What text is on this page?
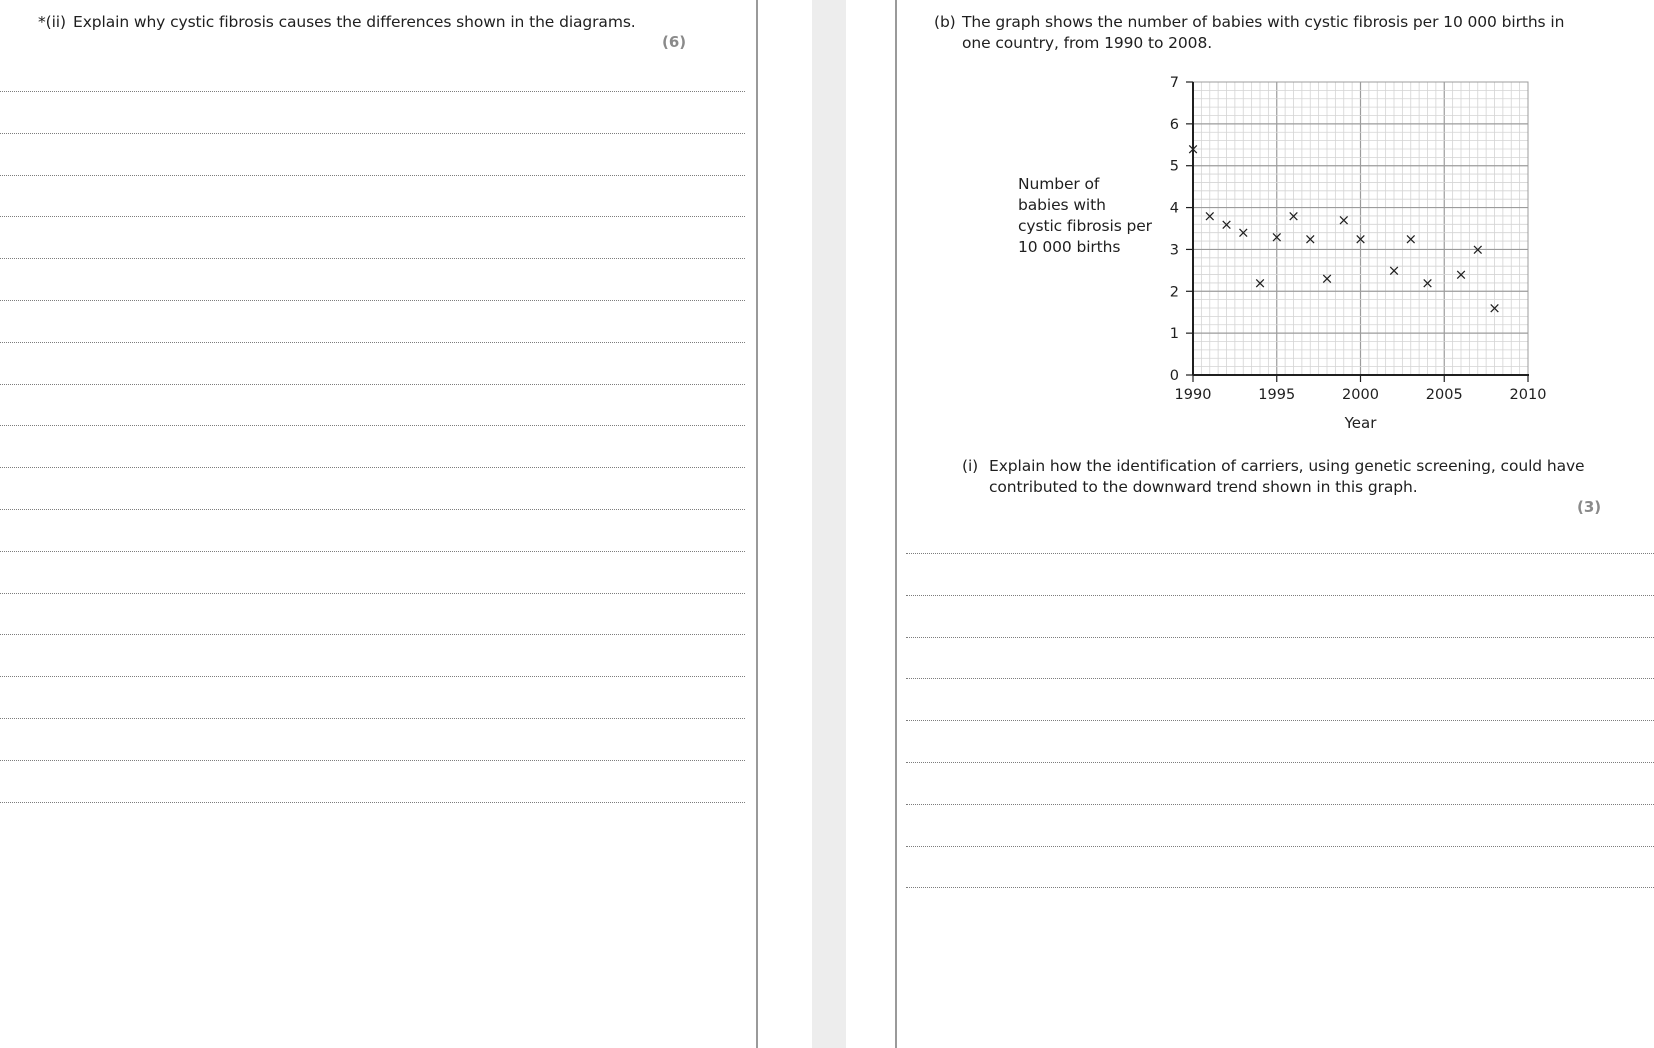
*(ii) Explain why cystic fibrosis causes the differences shown in the diagrams.
(6)
(b) The graph shows the number of babies with cystic fibrosis per 10 000 births in
one country, from 1990 to 2008.
Number of
babies with
cystic fibrosis per
10 000 births
0
1
2
3
4
5
6
7
1990	1995	2000	2005	2010
Year
×
× × ×
×
×
×
×
×
×
×
×
×
× ×
×
×
(i) Explain how the identification of carriers, using genetic screening, could have
contributed to the downward trend shown in this graph.
(3)
